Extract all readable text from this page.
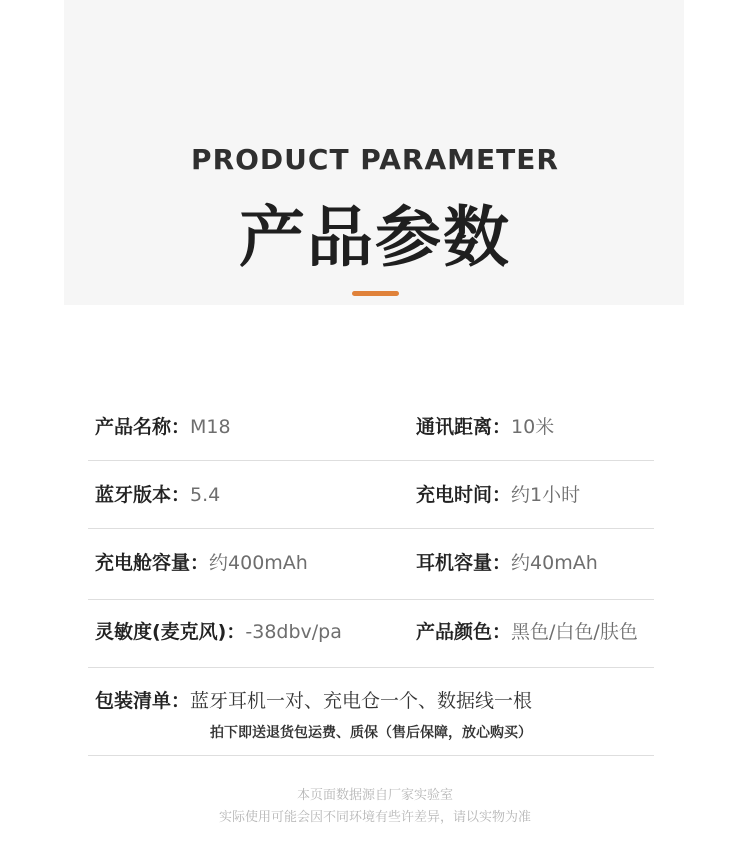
PRODUCT PARAMETER
产品参数
产品名称：M18	通讯距离：10米
蓝牙版本：5.4	充电时间：约1小时
充电舱容量：约400mAh	耳机容量：约40mAh
灵敏度(麦克风)：-38dbv/pa	产品颜色：黑色/白色/肤色
包装清单：蓝牙耳机一对、充电仓一个、数据线一根
拍下即送退货包运费、质保（售后保障，放心购买）
本页面数据源自厂家实验室
实际使用可能会因不同环境有些许差异，请以实物为准
